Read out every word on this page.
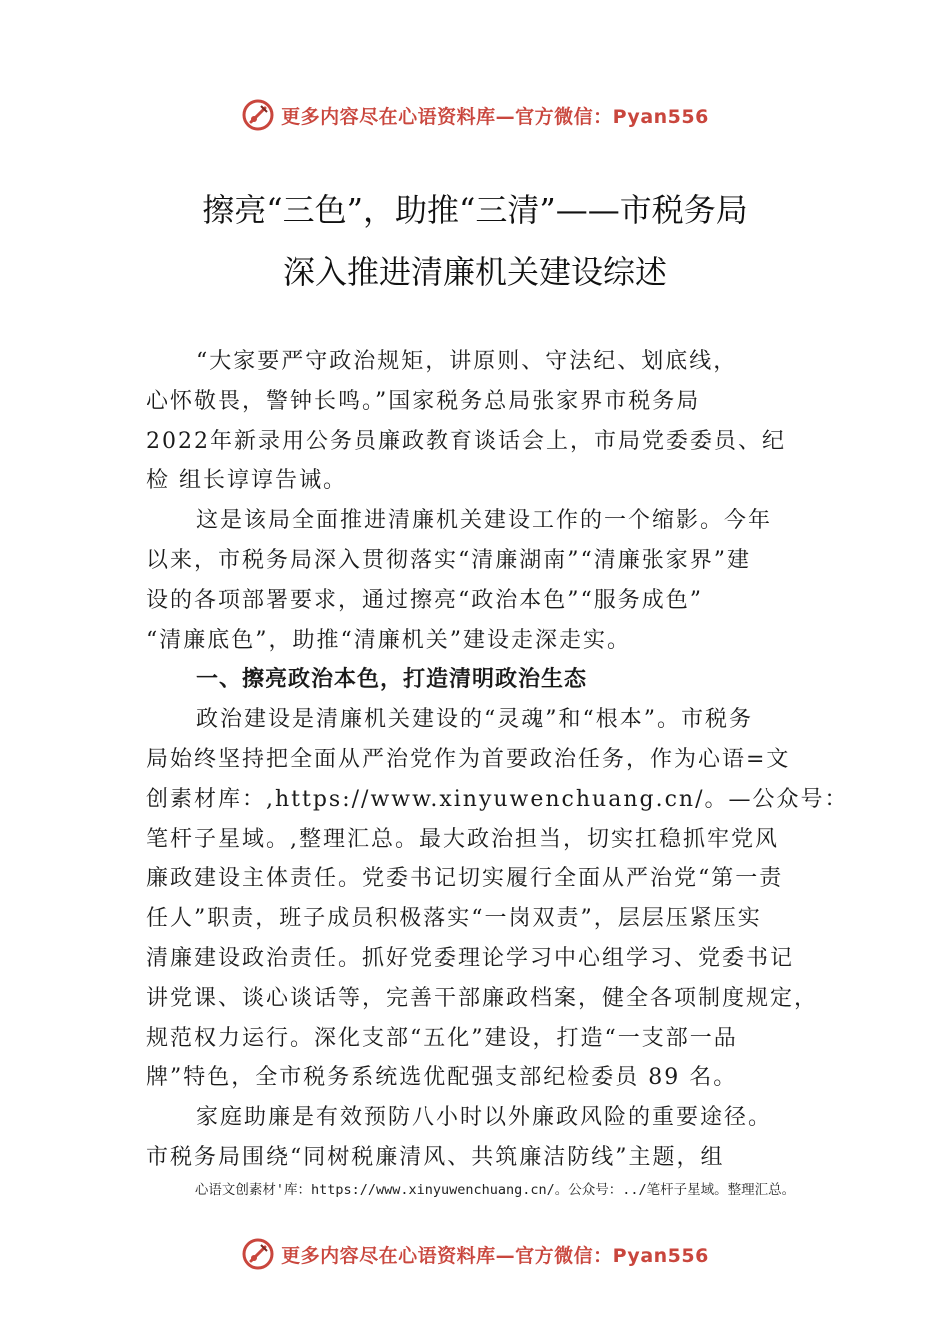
更多内容尽在心语资料库—官方微信：Pyan556
擦亮“三色”，助推“三清”——市税务局
深入推进清廉机关建设综述
“大家要严守政治规矩，讲原则、守法纪、划底线，
心怀敬畏，警钟长鸣。”国家税务总局张家界市税务局
2022年新录用公务员廉政教育谈话会上，市局党委委员、纪
检 组长谆谆告诫。
这是该局全面推进清廉机关建设工作的一个缩影。今年
以来，市税务局深入贯彻落实“清廉湖南”“清廉张家界”建
设的各项部署要求，通过擦亮“政治本色”“服务成色”
“清廉底色”，助推“清廉机关”建设走深走实。
一、擦亮政治本色，打造清明政治生态
政治建设是清廉机关建设的“灵魂”和“根本”。市税务
局始终坚持把全面从严治党作为首要政治任务，作为心语=文
创素材库：,https://www.xinyuwenchuang.cn/。—公众号：
笔杆子星域。,整理汇总。最大政治担当，切实扛稳抓牢党风
廉政建设主体责任。党委书记切实履行全面从严治党“第一责
任人”职责，班子成员积极落实“一岗双责”，层层压紧压实
清廉建设政治责任。抓好党委理论学习中心组学习、党委书记
讲党课、谈心谈话等，完善干部廉政档案，健全各项制度规定，
规范权力运行。深化支部“五化”建设，打造“一支部一品
牌”特色，全市税务系统选优配强支部纪检委员 89 名。
家庭助廉是有效预防八小时以外廉政风险的重要途径。
市税务局围绕“同树税廉清风、共筑廉洁防线”主题，组
心语文创素材'库：https://www.xinyuwenchuang.cn/。公众号：../笔杆子星域。整理汇总。
更多内容尽在心语资料库—官方微信：Pyan556
